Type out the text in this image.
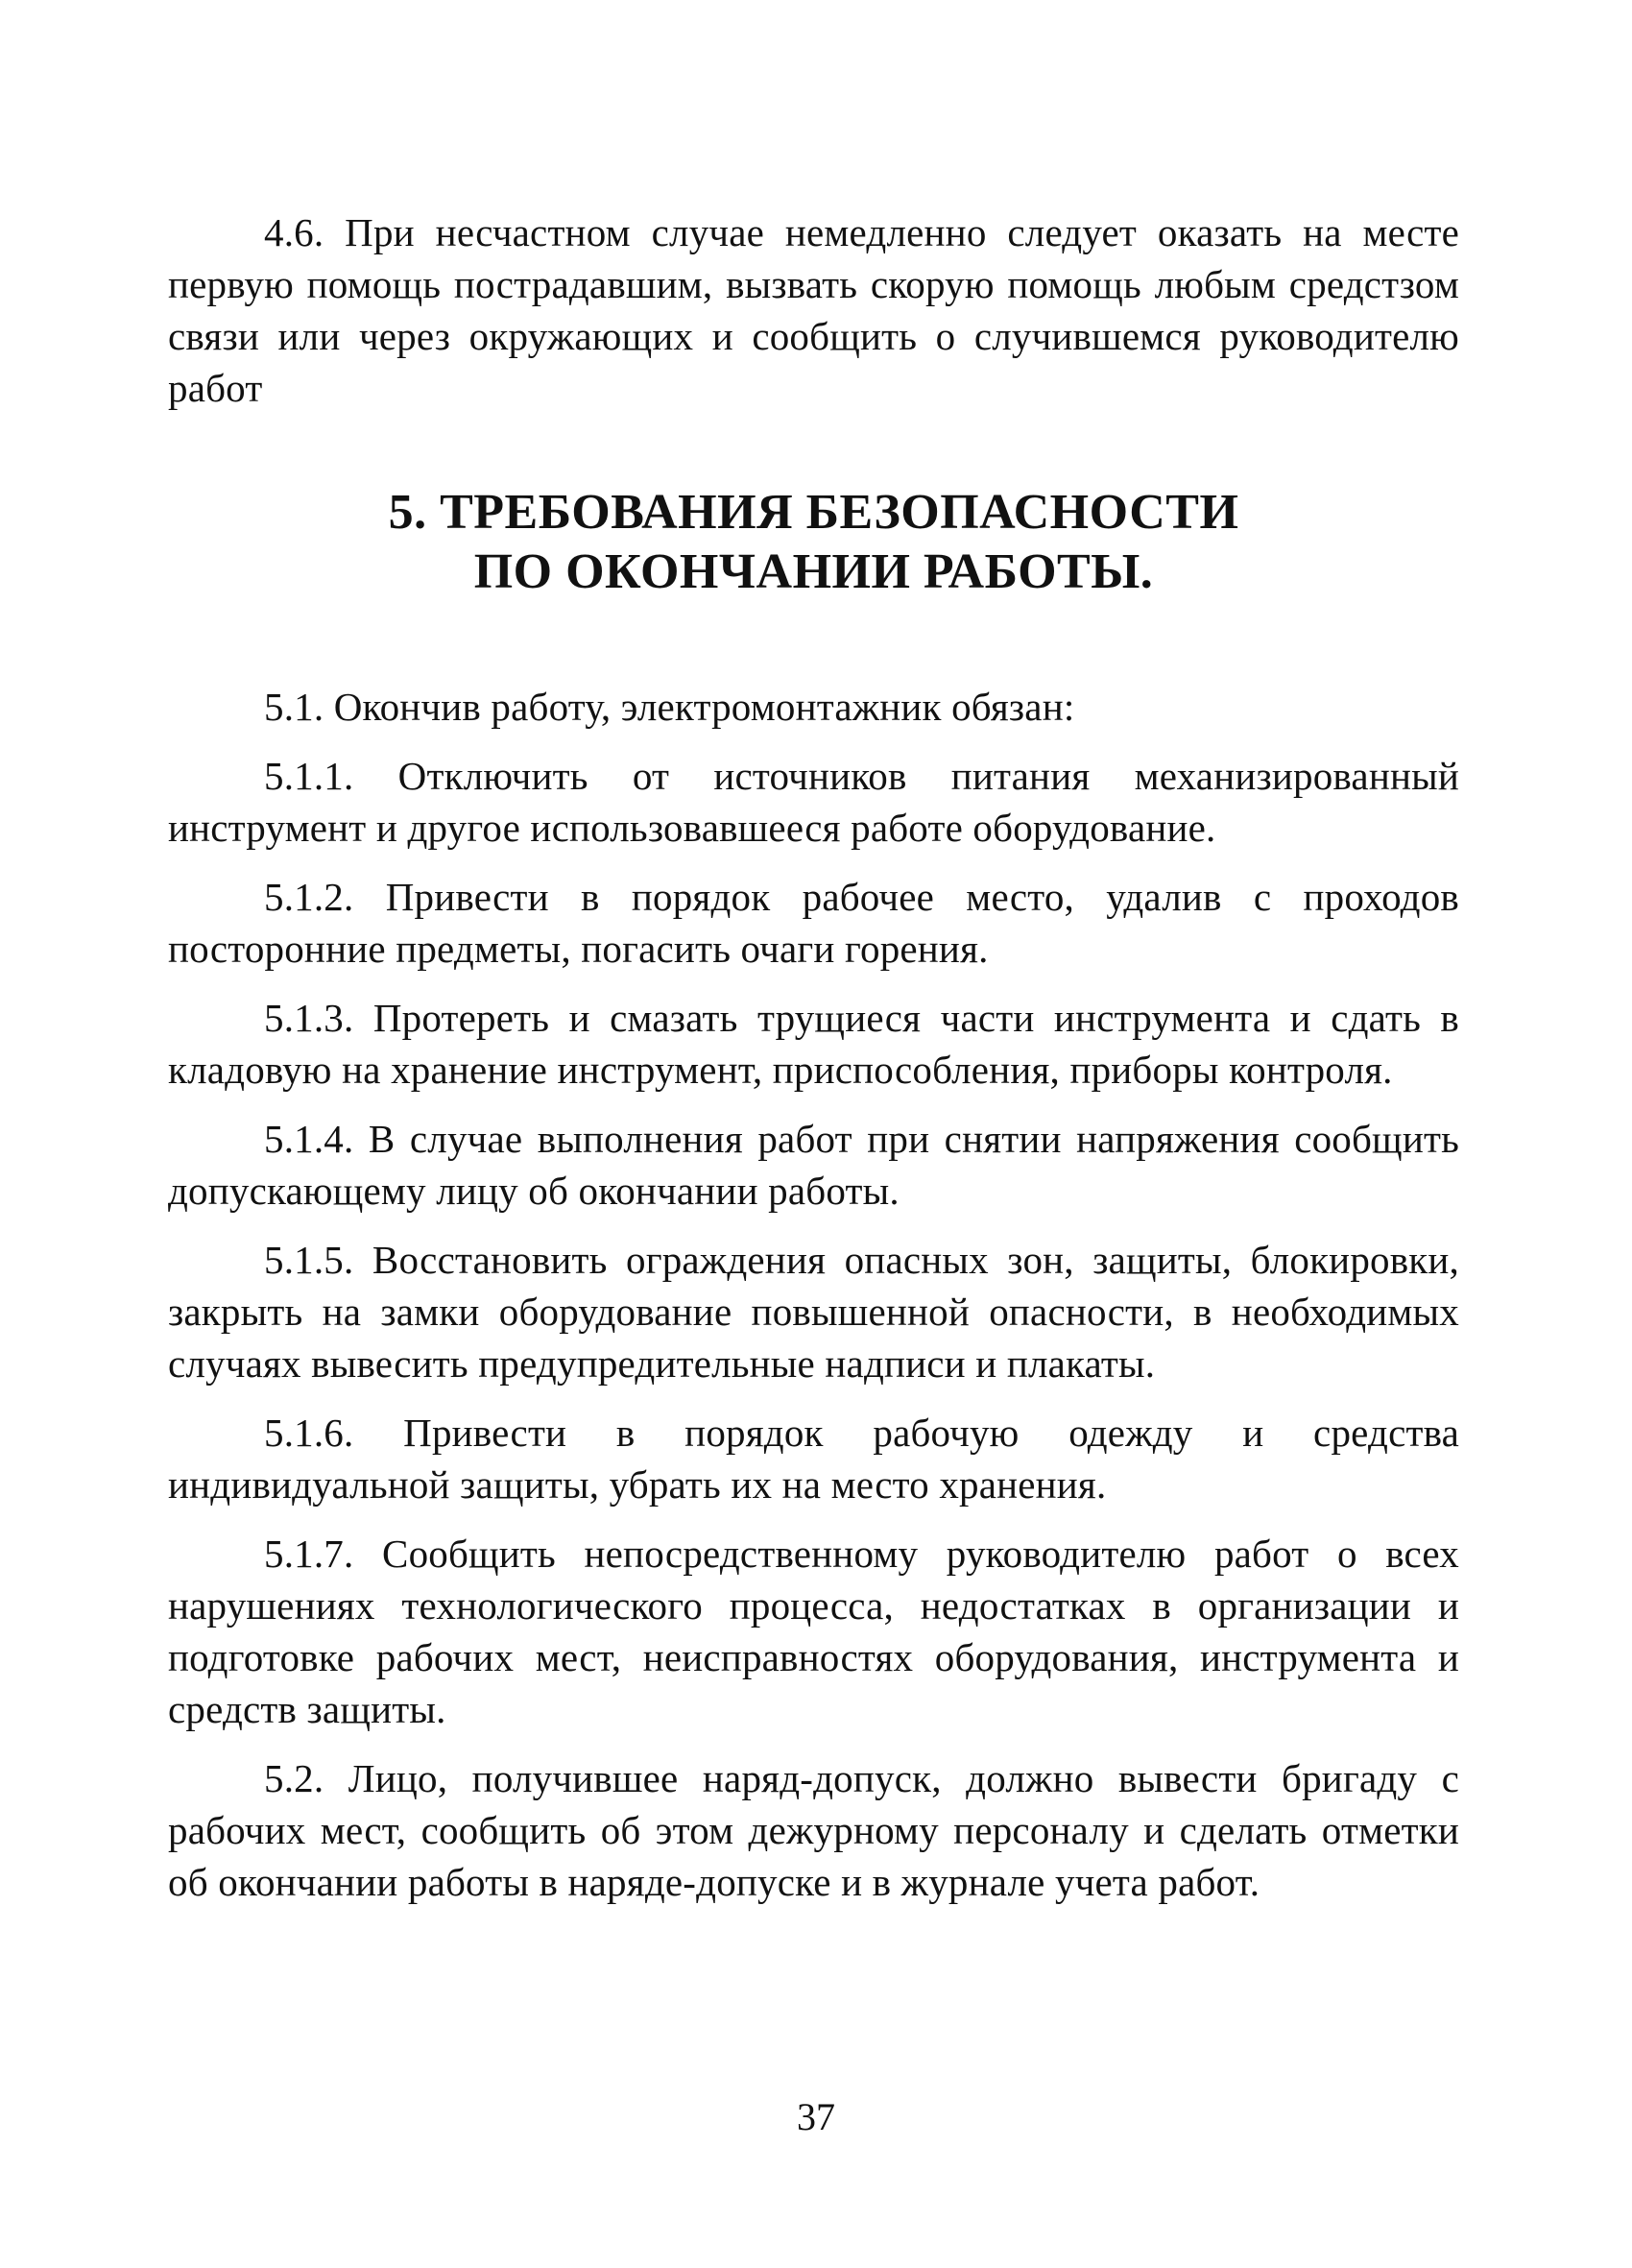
4.6. При несчастном случае немедленно следует оказать на месте первую помощь пострадавшим, вызвать скорую помощь любым средстзом связи или через окружающих и сообщить о случившемся руководителю работ

5. ТРЕБОВАНИЯ БЕЗОПАСНОСТИ
ПО ОКОНЧАНИИ РАБОТЫ.

5.1. Окончив работу, электромонтажник обязан:

5.1.1. Отключить от источников питания механизированный инструмент и другое использовавшееся работе оборудование.

5.1.2. Привести в порядок рабочее место, удалив с проходов посторонние предметы, погасить очаги горения.

5.1.3. Протереть и смазать трущиеся части инструмента и сдать в кладовую на хранение инструмент, приспособления, приборы контроля.

5.1.4. В случае выполнения работ при снятии напряжения сообщить допускающему лицу об окончании работы.

5.1.5. Восстановить ограждения опасных зон, защиты, блокировки, закрыть на замки оборудование повышенной опасности, в необходимых случаях вывесить предупредительные надписи и плакаты.

5.1.6. Привести в порядок рабочую одежду и средства индивидуальной защиты, убрать их на место хранения.

5.1.7. Сообщить непосредственному руководителю работ о всех нарушениях технологического процесса, недостатках в организации и подготовке рабочих мест, неисправностях оборудования, инструмента и средств защиты.

5.2. Лицо, получившее наряд-допуск, должно вывести бригаду с рабочих мест, сообщить об этом дежурному персоналу и сделать отметки об окончании работы в наряде-допуске и в журнале учета работ.

37
